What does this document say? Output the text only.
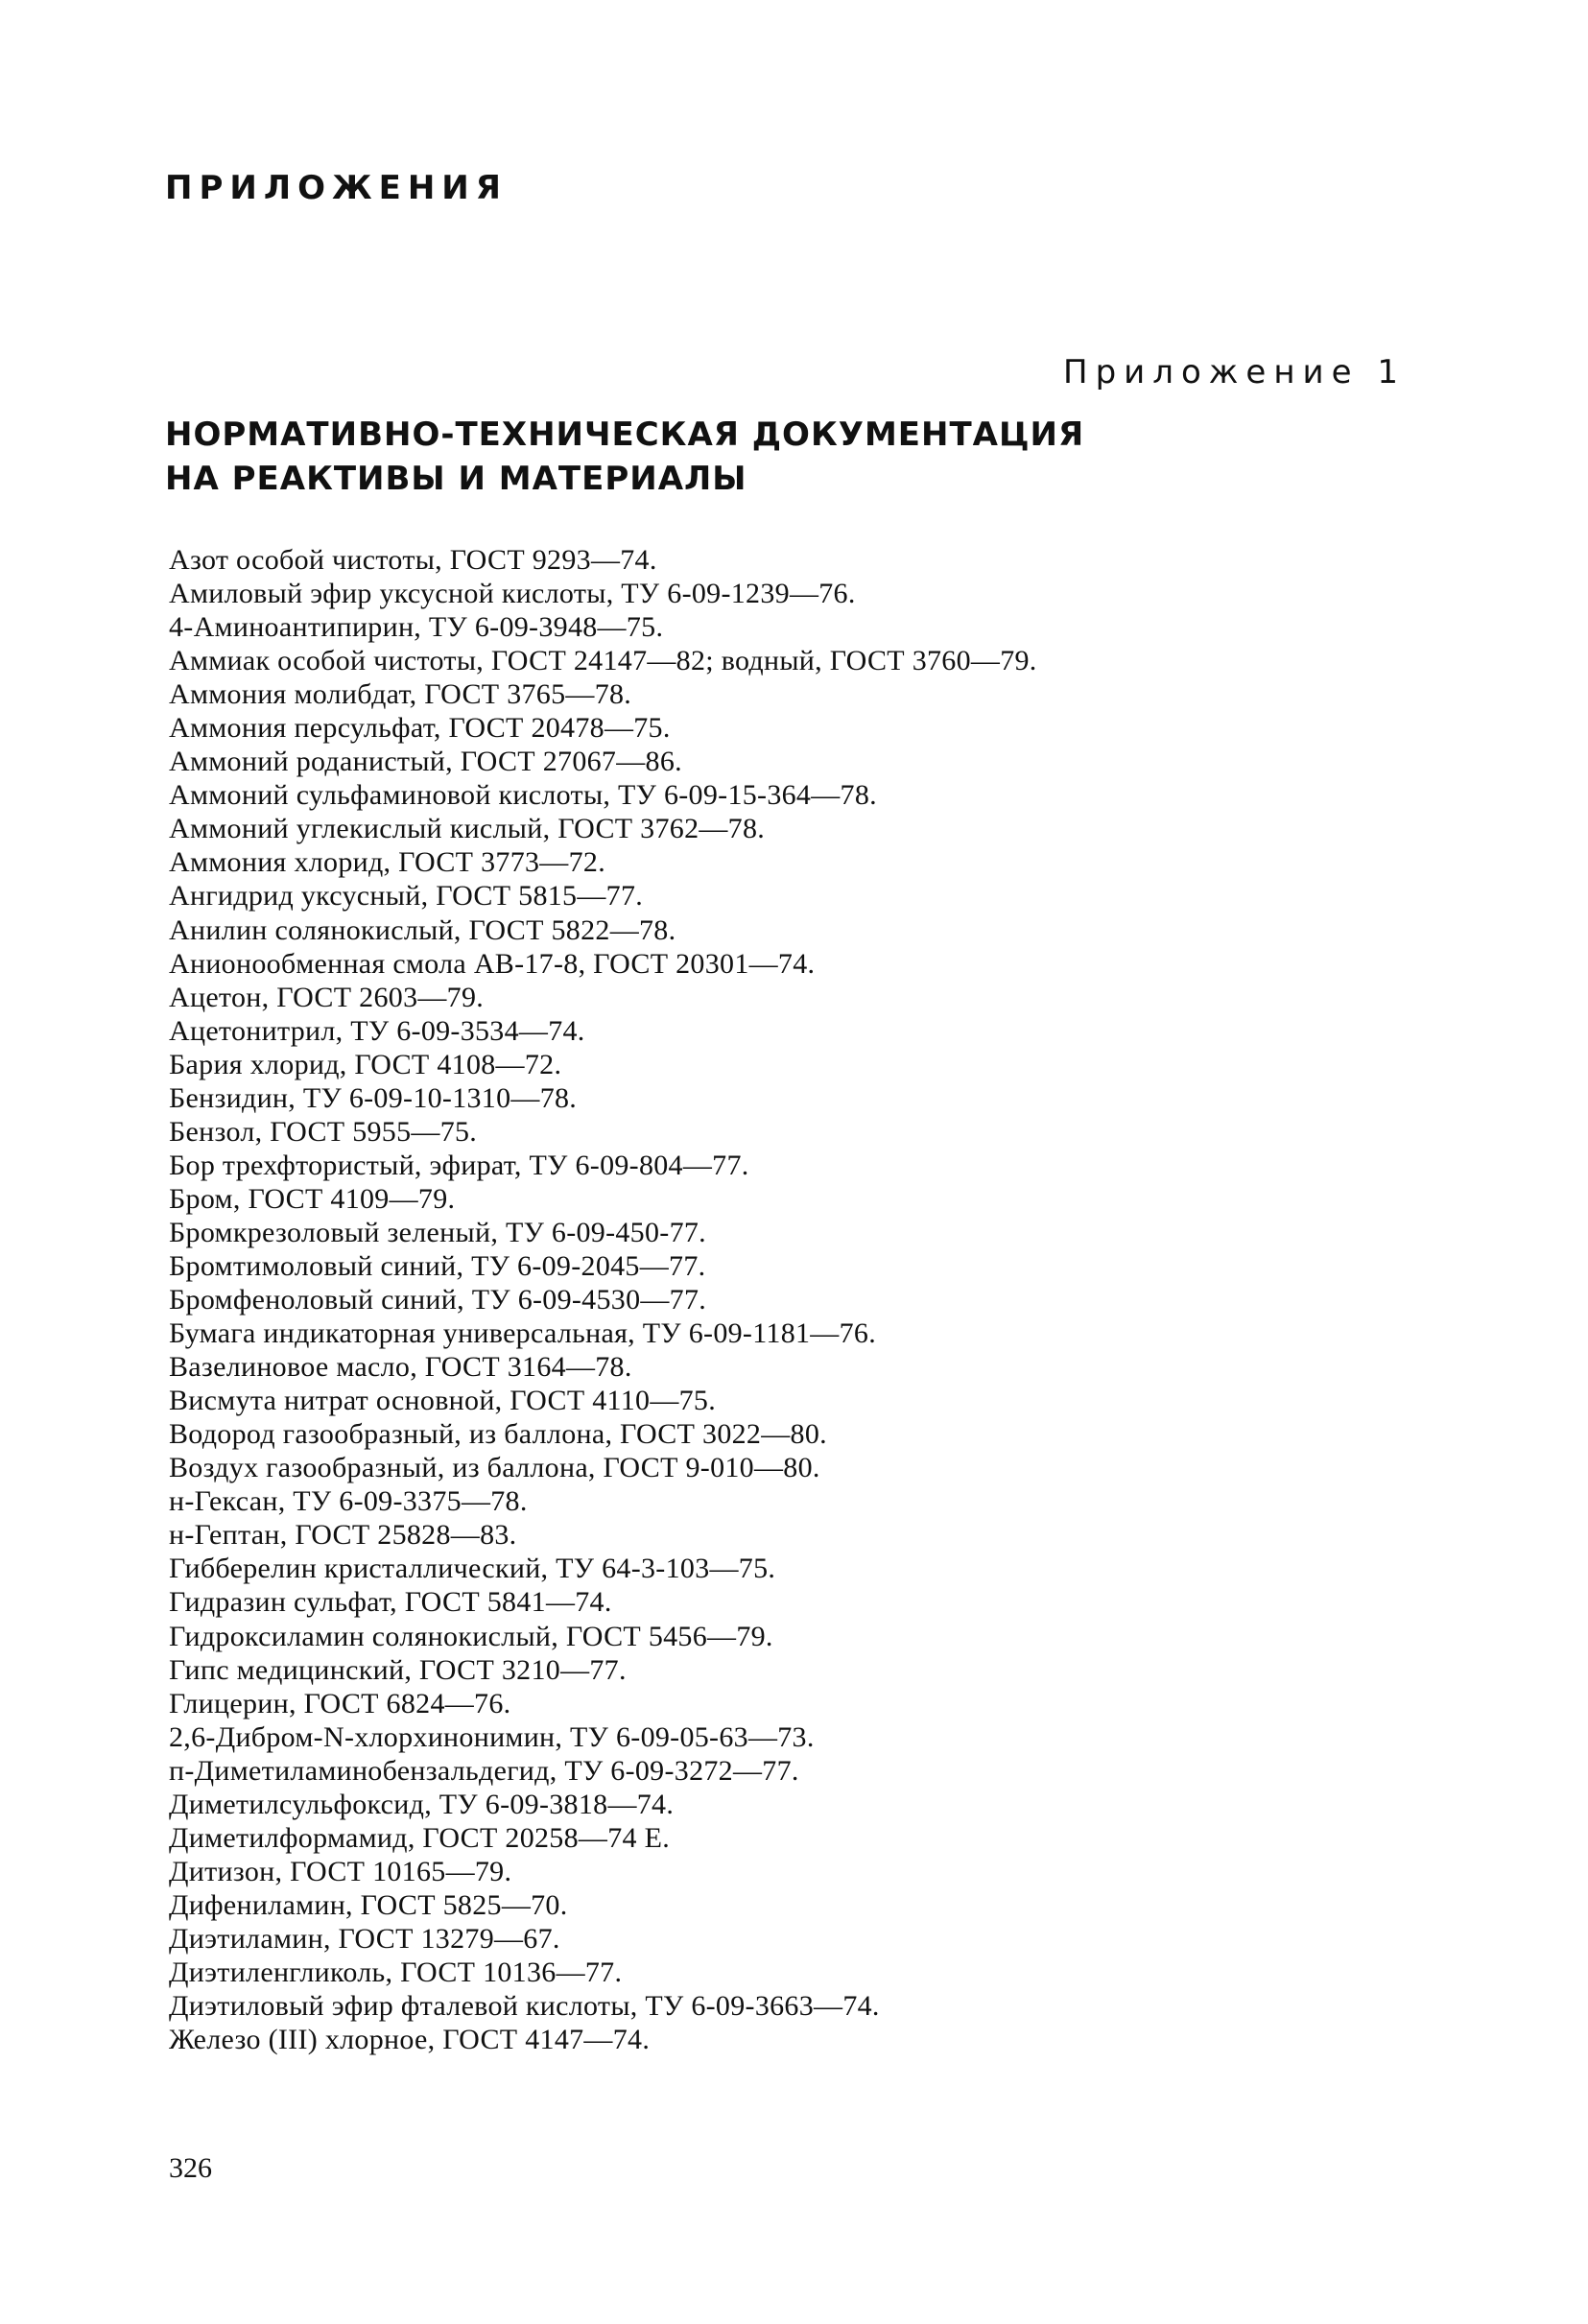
ПРИЛОЖЕНИЯ

Приложение 1

НОРМАТИВНО-ТЕХНИЧЕСКАЯ ДОКУМЕНТАЦИЯ
НА РЕАКТИВЫ И МАТЕРИАЛЫ
Азот особой чистоты, ГОСТ 9293—74.
Амиловый эфир уксусной кислоты, ТУ 6-09-1239—76.
4-Аминоантипирин, ТУ 6-09-3948—75.
Аммиак особой чистоты, ГОСТ 24147—82; водный, ГОСТ 3760—79.
Аммония молибдат, ГОСТ 3765—78.
Аммония персульфат, ГОСТ 20478—75.
Аммоний роданистый, ГОСТ 27067—86.
Аммоний сульфаминовой кислоты, ТУ 6-09-15-364—78.
Аммоний углекислый кислый, ГОСТ 3762—78.
Аммония хлорид, ГОСТ 3773—72.
Ангидрид уксусный, ГОСТ 5815—77.
Анилин солянокислый, ГОСТ 5822—78.
Анионообменная смола АВ-17-8, ГОСТ 20301—74.
Ацетон, ГОСТ 2603—79.
Ацетонитрил, ТУ 6-09-3534—74.
Бария хлорид, ГОСТ 4108—72.
Бензидин, ТУ 6-09-10-1310—78.
Бензол, ГОСТ 5955—75.
Бор трехфтористый, эфират, ТУ 6-09-804—77.
Бром, ГОСТ 4109—79.
Бромкрезоловый зеленый, ТУ 6-09-450-77.
Бромтимоловый синий, ТУ 6-09-2045—77.
Бромфеноловый синий, ТУ 6-09-4530—77.
Бумага индикаторная универсальная, ТУ 6-09-1181—76.
Вазелиновое масло, ГОСТ 3164—78.
Висмута нитрат основной, ГОСТ 4110—75.
Водород газообразный, из баллона, ГОСТ 3022—80.
Воздух газообразный, из баллона, ГОСТ 9-010—80.
н-Гексан, ТУ 6-09-3375—78.
н-Гептан, ГОСТ 25828—83.
Гибберелин кристаллический, ТУ 64-3-103—75.
Гидразин сульфат, ГОСТ 5841—74.
Гидроксиламин солянокислый, ГОСТ 5456—79.
Гипс медицинский, ГОСТ 3210—77.
Глицерин, ГОСТ 6824—76.
2,6-Дибром-N-хлорхинонимин, ТУ 6-09-05-63—73.
п-Диметиламинобензальдегид, ТУ 6-09-3272—77.
Диметилсульфоксид, ТУ 6-09-3818—74.
Диметилформамид, ГОСТ 20258—74 Е.
Дитизон, ГОСТ 10165—79.
Дифениламин, ГОСТ 5825—70.
Диэтиламин, ГОСТ 13279—67.
Диэтиленгликоль, ГОСТ 10136—77.
Диэтиловый эфир фталевой кислоты, ТУ 6-09-3663—74.
Железо (III) хлорное, ГОСТ 4147—74.

326
